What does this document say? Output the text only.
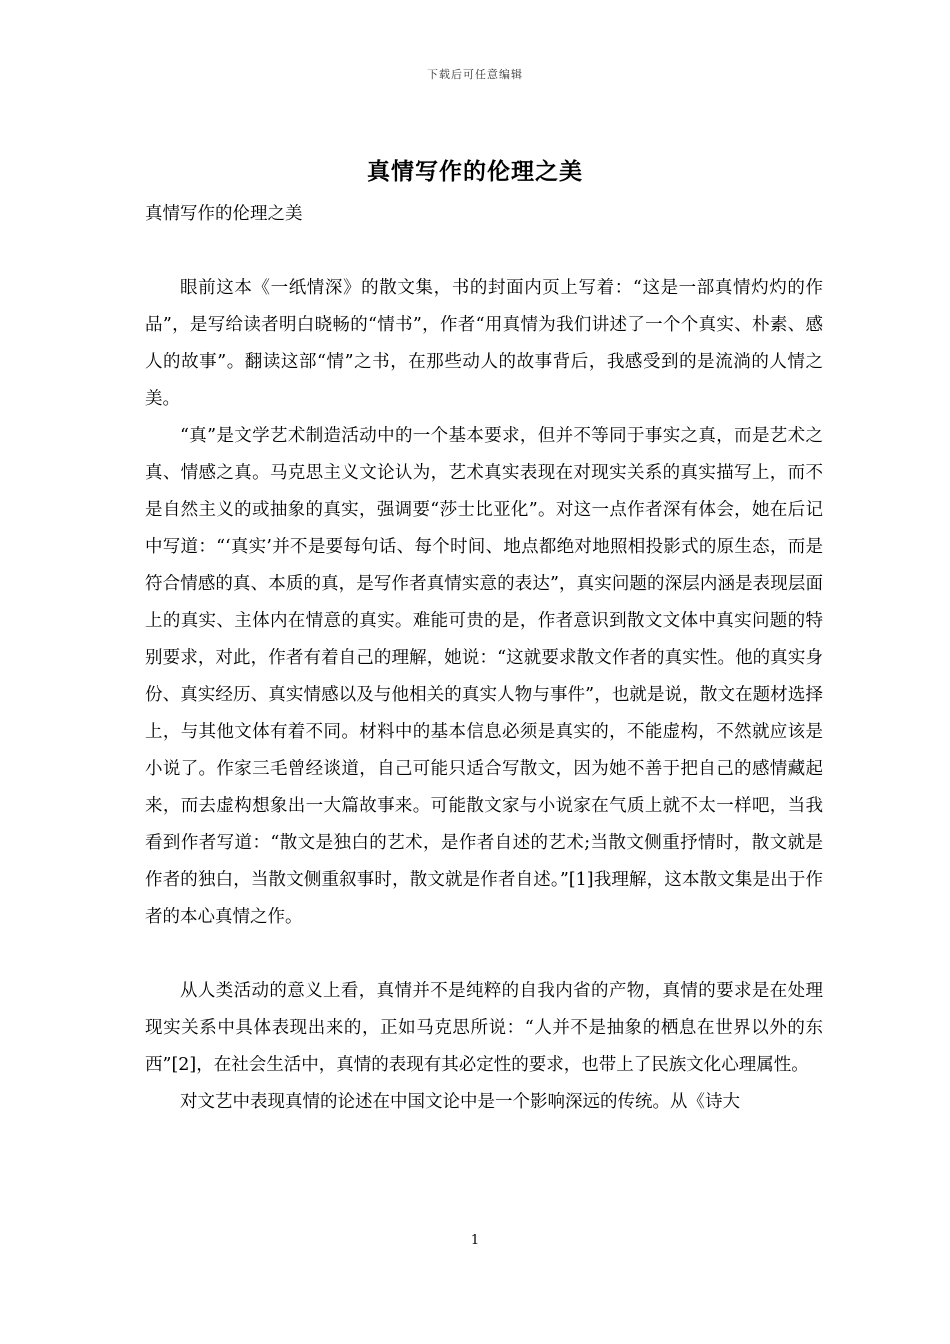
下载后可任意编辑
真情写作的伦理之美

真情写作的伦理之美

眼前这本《一纸情深》的散文集，书的封面内页上写着：“这是一部真情灼灼的作品”，是写给读者明白晓畅的“情书”，作者“用真情为我们讲述了一个个真实、朴素、感人的故事”。翻读这部“情”之书，在那些动人的故事背后，我感受到的是流淌的人情之美。

“真”是文学艺术制造活动中的一个基本要求，但并不等同于事实之真，而是艺术之真、情感之真。马克思主义文论认为，艺术真实表现在对现实关系的真实描写上，而不是自然主义的或抽象的真实，强调要“莎士比亚化”。对这一点作者深有体会，她在后记中写道：“‘真实’并不是要每句话、每个时间、地点都绝对地照相投影式的原生态，而是符合情感的真、本质的真，是写作者真情实意的表达”，真实问题的深层内涵是表现层面上的真实、主体内在情意的真实。难能可贵的是，作者意识到散文文体中真实问题的特别要求，对此，作者有着自己的理解，她说：“这就要求散文作者的真实性。他的真实身份、真实经历、真实情感以及与他相关的真实人物与事件”，也就是说，散文在题材选择上，与其他文体有着不同。材料中的基本信息必须是真实的，不能虚构，不然就应该是小说了。作家三毛曾经谈道，自己可能只适合写散文，因为她不善于把自己的感情藏起来，而去虚构想象出一大篇故事来。可能散文家与小说家在气质上就不太一样吧，当我看到作者写道：“散文是独白的艺术，是作者自述的艺术;当散文侧重抒情时，散文就是作者的独白，当散文侧重叙事时，散文就是作者自述。”[1]我理解，这本散文集是出于作者的本心真情之作。

从人类活动的意义上看，真情并不是纯粹的自我内省的产物，真情的要求是在处理现实关系中具体表现出来的，正如马克思所说：“人并不是抽象的栖息在世界以外的东西”[2]，在社会生活中，真情的表现有其必定性的要求，也带上了民族文化心理属性。

对文艺中表现真情的论述在中国文论中是一个影响深远的传统。从《诗大

1
